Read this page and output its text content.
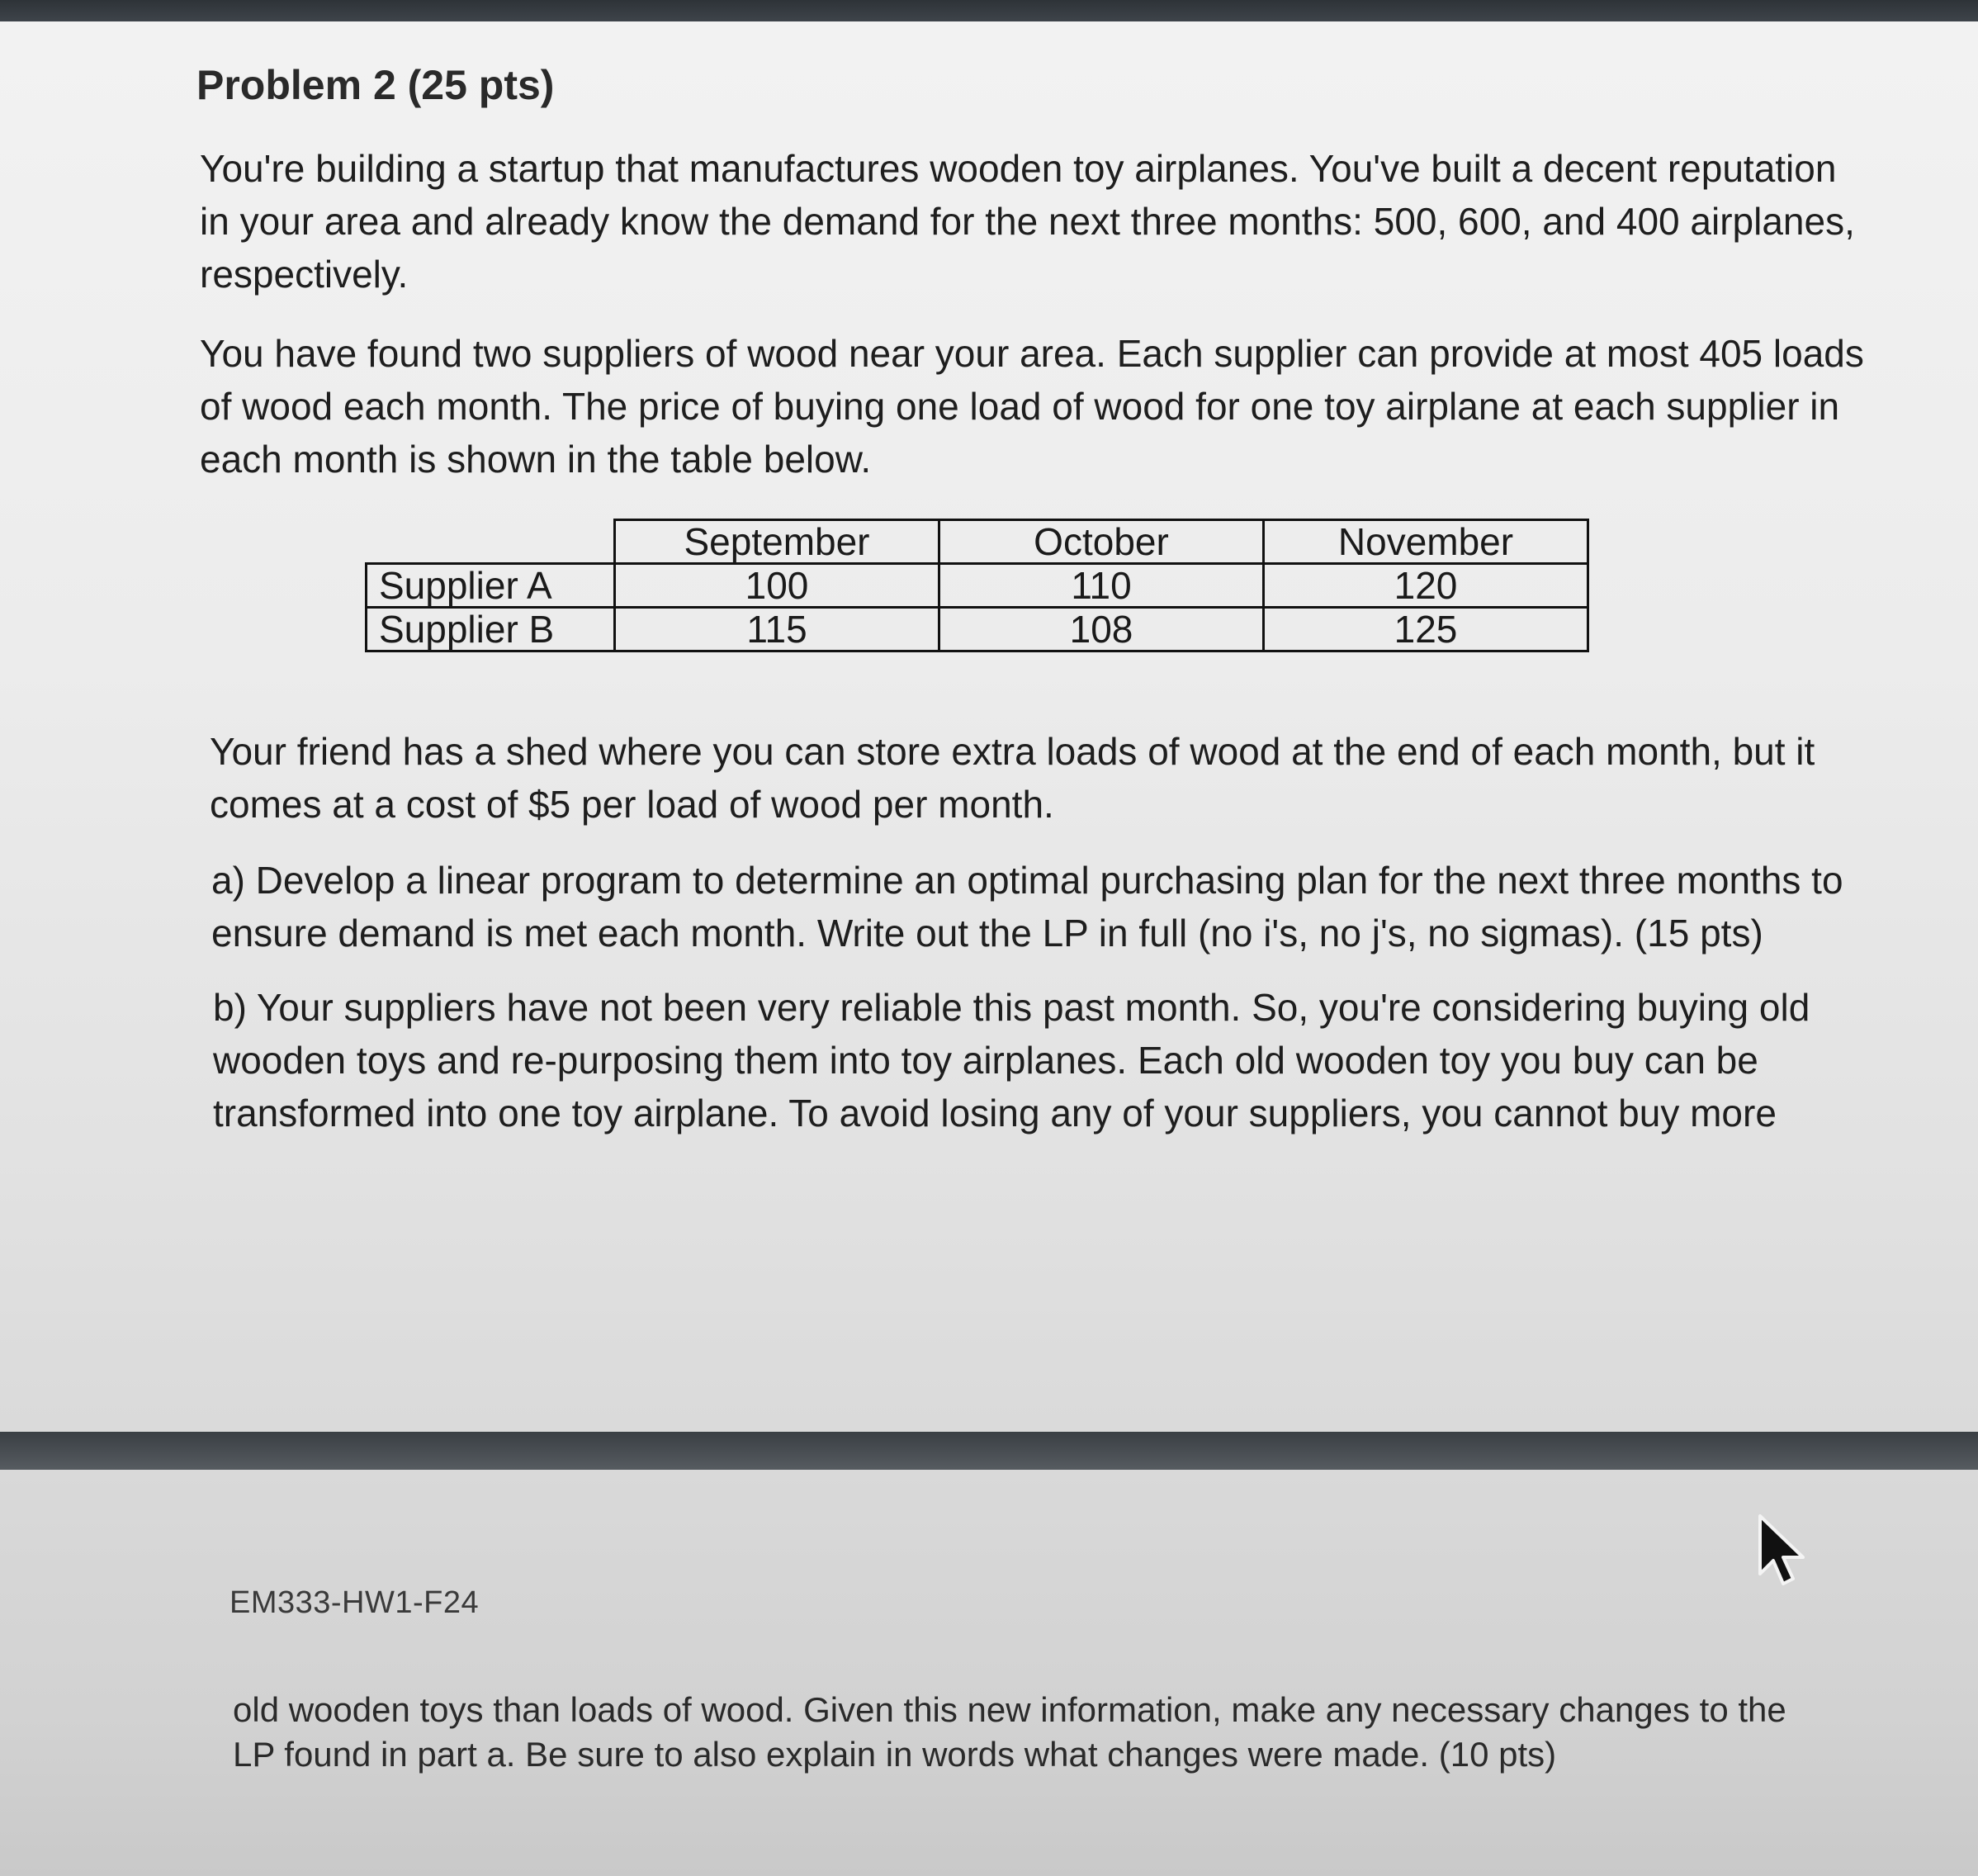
Problem 2 (25 pts)

You're building a startup that manufactures wooden toy airplanes. You've built a decent reputation in your area and already know the demand for the next three months: 500, 600, and 400 airplanes, respectively.

You have found two suppliers of wood near your area. Each supplier can provide at most 405 loads of wood each month. The price of buying one load of wood for one toy airplane at each supplier in each month is shown in the table below.

	September	October	November
Supplier A	100	110	120
Supplier B	115	108	125

Your friend has a shed where you can store extra loads of wood at the end of each month, but it comes at a cost of $5 per load of wood per month.

a) Develop a linear program to determine an optimal purchasing plan for the next three months to ensure demand is met each month. Write out the LP in full (no i's, no j's, no sigmas). (15 pts)

b) Your suppliers have not been very reliable this past month. So, you're considering buying old wooden toys and re-purposing them into toy airplanes. Each old wooden toy you buy can be transformed into one toy airplane. To avoid losing any of your suppliers, you cannot buy more

EM333-HW1-F24

old wooden toys than loads of wood. Given this new information, make any necessary changes to the LP found in part a. Be sure to also explain in words what changes were made. (10 pts)
